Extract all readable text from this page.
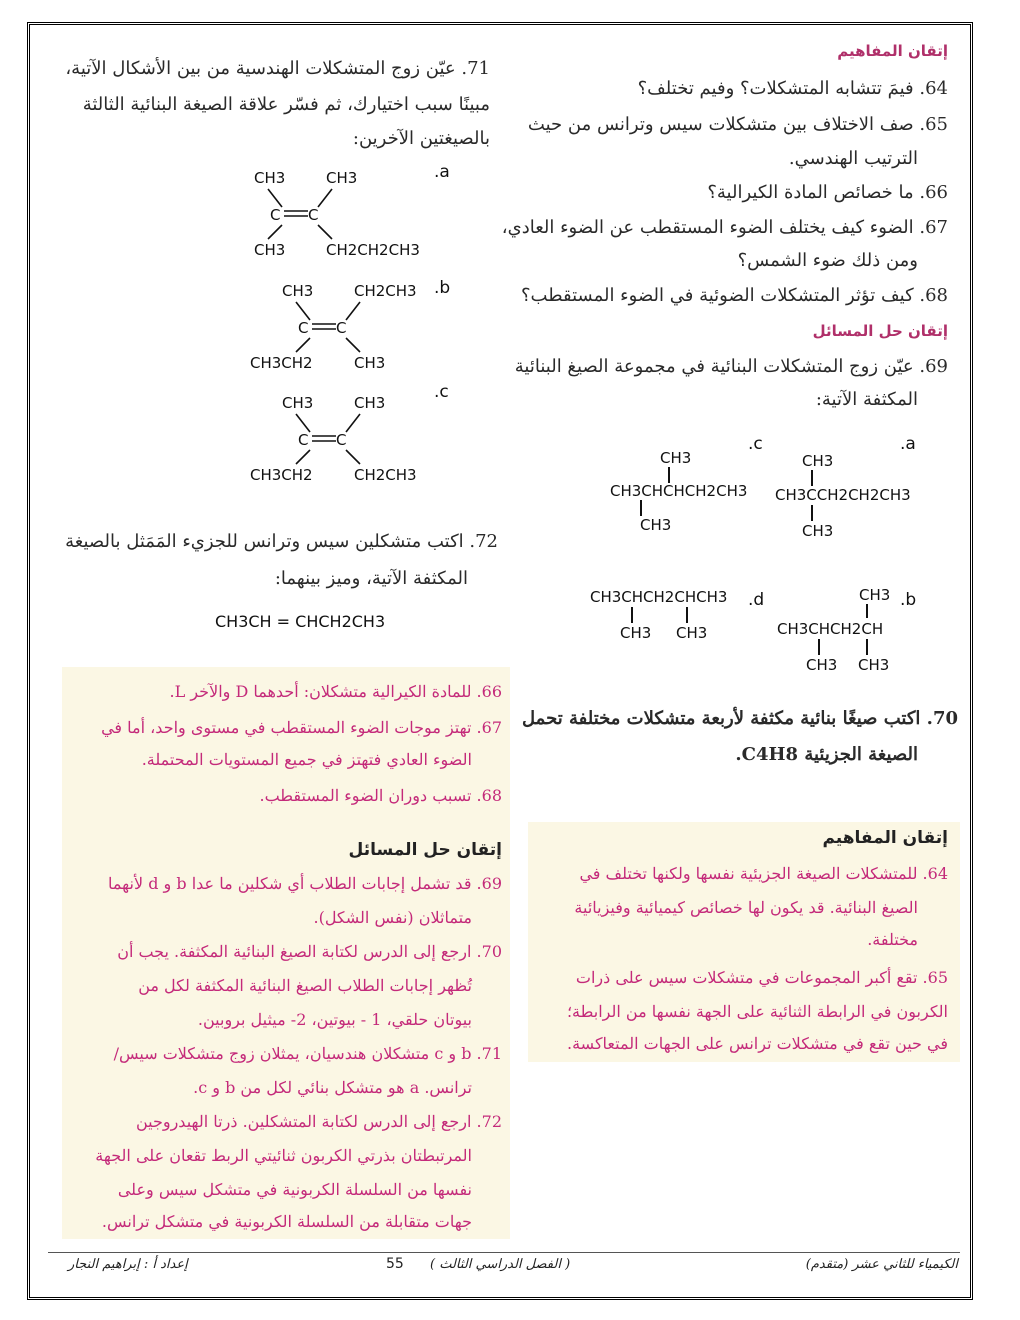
إتقان المفاهيم
64. فيمَ تتشابه المتشكلات؟ وفيم تختلف؟
65. صف الاختلاف بين متشكلات سيس وترانس من حيث
الترتيب الهندسي.
66. ما خصائص المادة الكيرالية؟
67. الضوء كيف يختلف الضوء المستقطب عن الضوء العادي،
ومن ذلك ضوء الشمس؟
68. كيف تؤثر المتشكلات الضوئية في الضوء المستقطب؟
إتقان حل المسائل
69. عيّن زوج المتشكلات البنائية في مجموعة الصيغ البنائية
المكثفة الآتية:
.a
CH3
CH3CCH2CH2CH3
CH3
.c
CH3
CH3CHCHCH2CH3
CH3
.b
CH3
CH3CHCH2CH
CH3 CH3
.d
CH3CHCH2CHCH3
CH3 CH3
70. اكتب صيغًا بنائية مكثفة لأربعة متشكلات مختلفة تحمل
الصيغة الجزيئية C4H8.
71. عيّن زوج المتشكلات الهندسية من بين الأشكال الآتية،
مبينًا سبب اختيارك، ثم فسّر علاقة الصيغة البنائية الثالثة
بالصيغتين الآخرين:
.a
CH3	CH3
C C
CH3	CH2CH2CH3
.b
CH3	CH2CH3
C C
CH3CH2	CH3
.c
CH3	CH3
C C
CH3CH2	CH2CH3
72. اكتب متشكلين سيس وترانس للجزيء المَمَثل بالصيغة
المكثفة الآتية، وميز بينهما:
CH3CH = CHCH2CH3
66. للمادة الكيرالية متشكلان: أحدهما D والآخر L.
67. تهتز موجات الضوء المستقطب في مستوى واحد، أما في
الضوء العادي فتهتز في جميع المستويات المحتملة.
68. تسبب دوران الضوء المستقطب.
إتقان حل المسائل
69. قد تشمل إجابات الطلاب أي شكلين ما عدا b و d لأنهما
متماثلان (نفس الشكل).
70. ارجع إلى الدرس لكتابة الصيغ البنائية المكثفة. يجب أن
تُظهر إجابات الطلاب الصيغ البنائية المكثفة لكل من
بيوتان حلقي، 1 - بيوتين، 2- ميثيل بروبين.
71. b و c متشكلان هندسيان، يمثلان زوج متشكلات سيس/
ترانس. a هو متشكل بنائي لكل من b و c.
72. ارجع إلى الدرس لكتابة المتشكلين. ذرتا الهيدروجين
المرتبطتان بذرتي الكربون ثنائيتي الربط تقعان على الجهة
نفسها من السلسلة الكربونية في متشكل سيس وعلى
جهات متقابلة من السلسلة الكربونية في متشكل ترانس.
إتقان المفاهيم
64. للمتشكلات الصيغة الجزيئية نفسها ولكنها تختلف في
الصيغ البنائية. قد يكون لها خصائص كيميائية وفيزيائية
مختلفة.
65. تقع أكبر المجموعات في متشكلات سيس على ذرات
الكربون في الرابطة الثنائية على الجهة نفسها من الرابطة؛
في حين تقع في متشكلات ترانس على الجهات المتعاكسة.
الكيمياء للثاني عشر (متقدم)
( الفصل الدراسي الثالث )
55
إعداد أ : إبراهيم النجار
